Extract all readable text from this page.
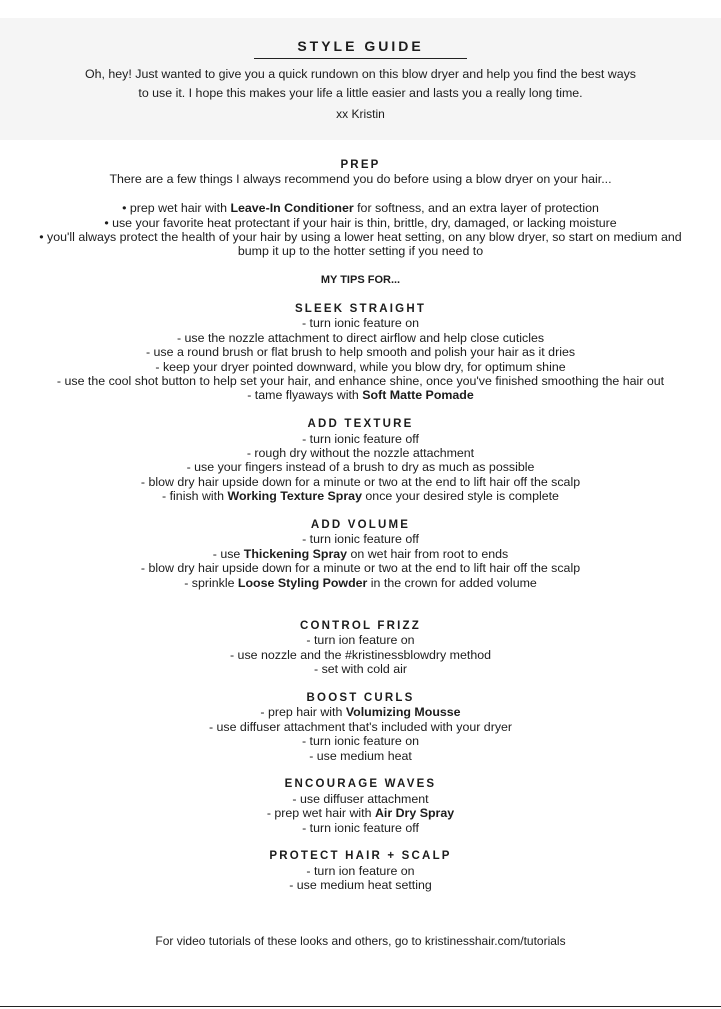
STYLE GUIDE
Oh, hey! Just wanted to give you a quick rundown on this blow dryer and help you find the best ways
to use it. I hope this makes your life a little easier and lasts you a really long time.
xx Kristin
PREP
There are a few things I always recommend you do before using a blow dryer on your hair...
• prep wet hair with Leave-In Conditioner for softness, and an extra layer of protection
• use your favorite heat protectant if your hair is thin, brittle, dry, damaged, or lacking moisture
• you'll always protect the health of your hair by using a lower heat setting, on any blow dryer, so start on medium and bump it up to the hotter setting if you need to
MY TIPS FOR...
SLEEK STRAIGHT
- turn ionic feature on
- use the nozzle attachment to direct airflow and help close cuticles
- use a round brush or flat brush to help smooth and polish your hair as it dries
- keep your dryer pointed downward, while you blow dry, for optimum shine
- use the cool shot button to help set your hair, and enhance shine, once you've finished smoothing the hair out
- tame flyaways with Soft Matte Pomade
ADD TEXTURE
- turn ionic feature off
- rough dry without the nozzle attachment
- use your fingers instead of a brush to dry as much as possible
- blow dry hair upside down for a minute or two at the end to lift hair off the scalp
- finish with Working Texture Spray once your desired style is complete
ADD VOLUME
- turn ionic feature off
- use Thickening Spray on wet hair from root to ends
- blow dry hair upside down for a minute or two at the end to lift hair off the scalp
- sprinkle Loose Styling Powder in the crown for added volume
CONTROL FRIZZ
- turn ion feature on
- use nozzle and the #kristinessblowdry method
- set with cold air
BOOST CURLS
- prep hair with Volumizing Mousse
- use diffuser attachment that's included with your dryer
- turn ionic feature on
- use medium heat
ENCOURAGE WAVES
- use diffuser attachment
- prep wet hair with Air Dry Spray
- turn ionic feature off
PROTECT HAIR + SCALP
- turn ion feature on
- use medium heat setting
For video tutorials of these looks and others, go to kristinesshair.com/tutorials
